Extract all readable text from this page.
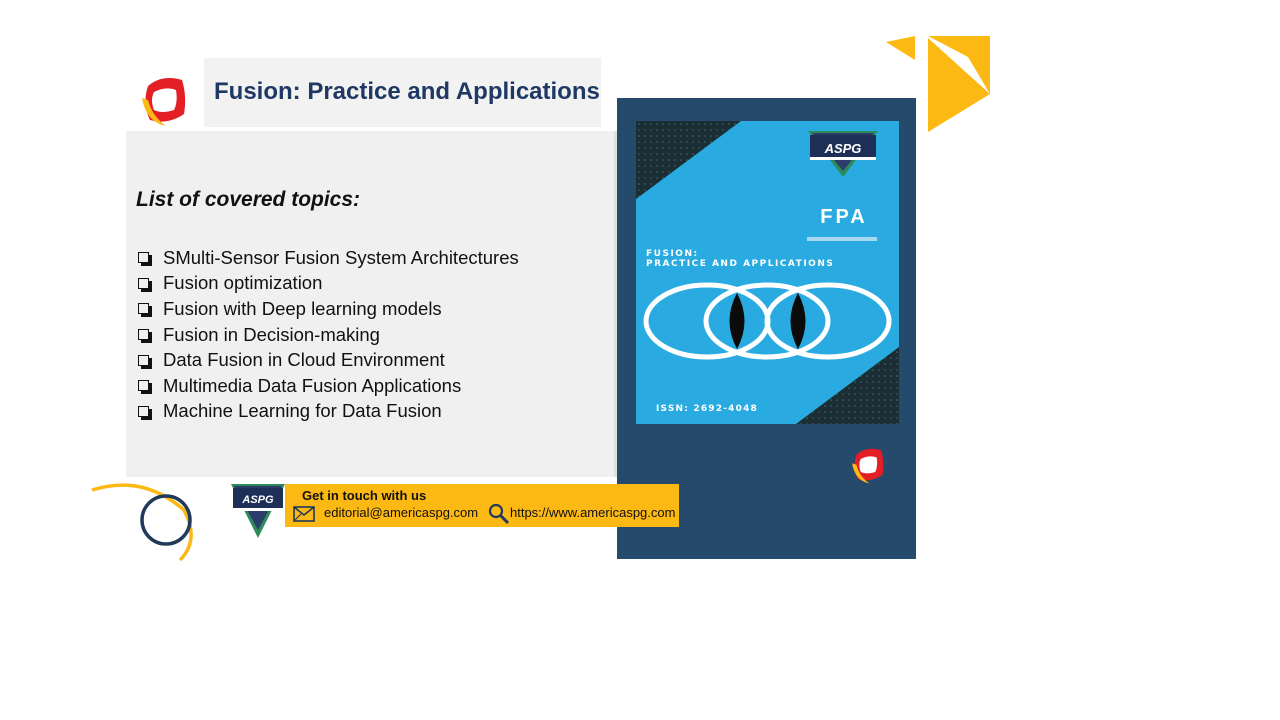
Fusion: Practice and Applications
List of covered topics:
SMulti-Sensor Fusion System Architectures
Fusion optimization
Fusion with Deep learning models
Fusion in Decision-making
Data Fusion in Cloud Environment
Multimedia Data Fusion Applications
Machine Learning for Data Fusion
ASPG
FPA
FUSION:
PRACTICE AND APPLICATIONS
ISSN: 2692-4048
ASPG Get in touch with us
editorial@americaspg.com https://www.americaspg.com
